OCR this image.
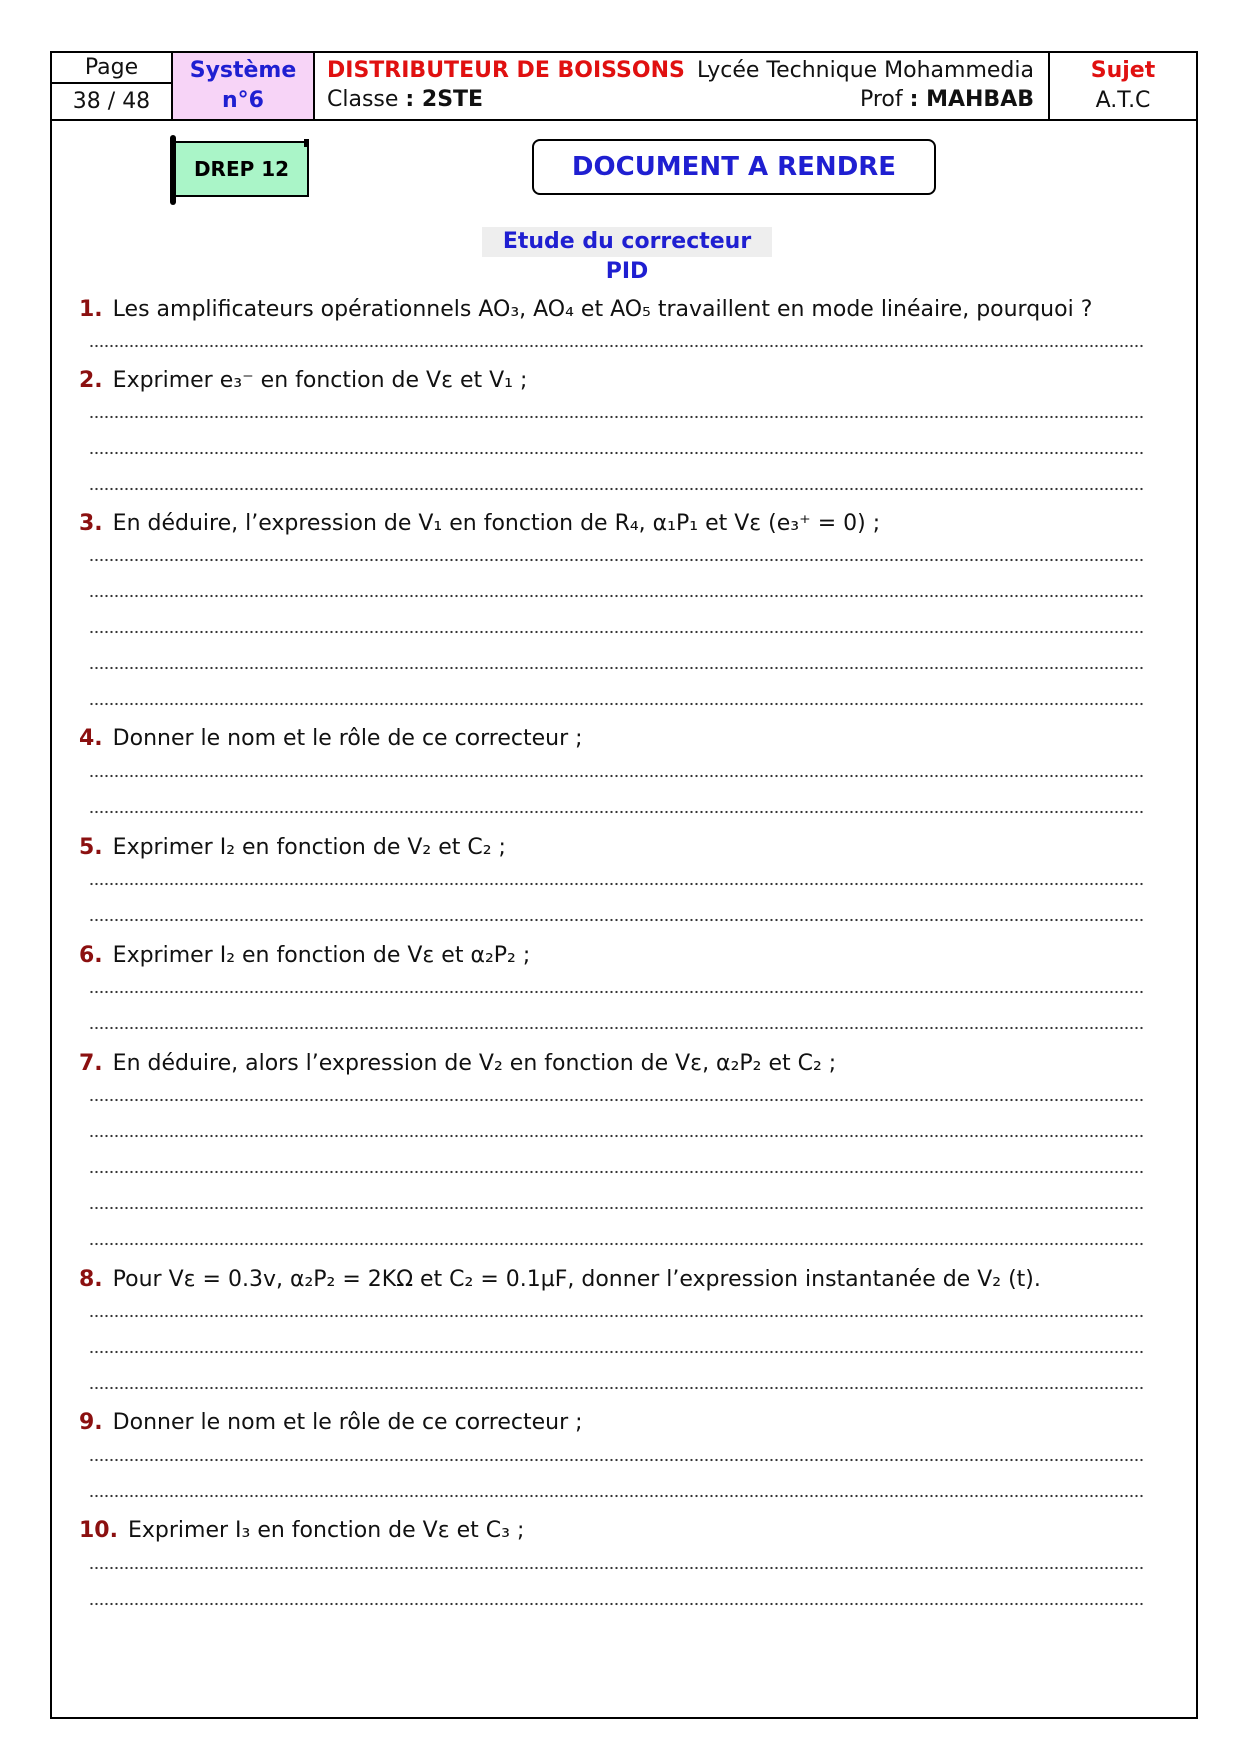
Page
38 / 48
Système
n°6
DISTRIBUTEUR DE BOISSONS Lycée Technique Mohammedia
Classe : 2STE	Prof : MAHBAB
Sujet
A.T.C
DREP 12	DOCUMENT A RENDRE
Etude du correcteur PID
1. Les amplificateurs opérationnels AO₃, AO₄ et AO₅ travaillent en mode linéaire, pourquoi ?
2. Exprimer e₃⁻ en fonction de Vε et V₁ ;
3. En déduire, l’expression de V₁ en fonction de R₄, α₁P₁ et Vε (e₃⁺ = 0) ;
4. Donner le nom et le rôle de ce correcteur ;
5. Exprimer I₂ en fonction de V₂ et C₂ ;
6. Exprimer I₂ en fonction de Vε et α₂P₂ ;
7. En déduire, alors l’expression de V₂ en fonction de Vε, α₂P₂ et C₂ ;
8. Pour Vε = 0.3v, α₂P₂ = 2KΩ et C₂ = 0.1µF, donner l’expression instantanée de V₂ (t).
9. Donner le nom et le rôle de ce correcteur ;
10. Exprimer I₃ en fonction de Vε et C₃ ;
